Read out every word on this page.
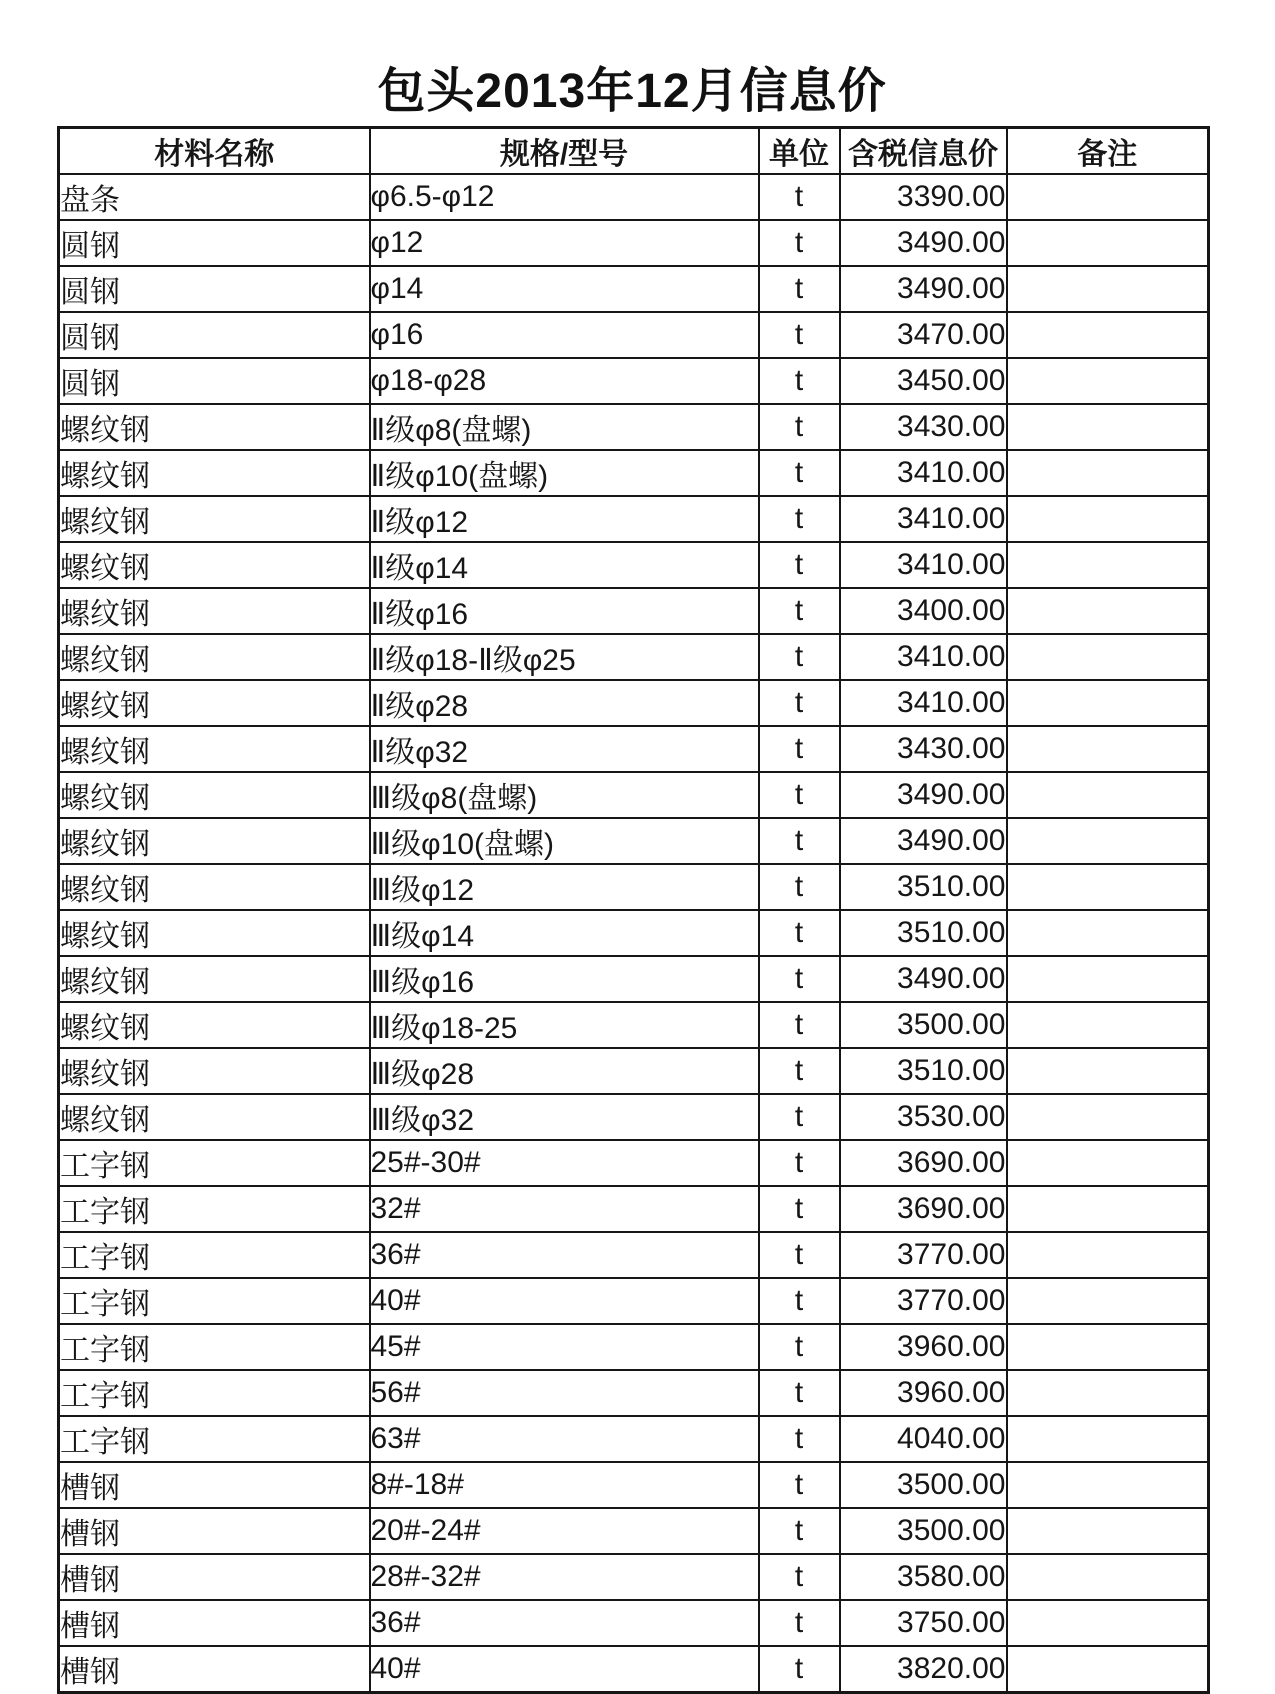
包头2013年12月信息价
材料名称	规格/型号	单位	含税信息价	备注
盘条	φ6.5-φ12	t	3390.00	
圆钢	φ12	t	3490.00	
圆钢	φ14	t	3490.00	
圆钢	φ16	t	3470.00	
圆钢	φ18-φ28	t	3450.00	
螺纹钢	Ⅱ级φ8(盘螺)	t	3430.00	
螺纹钢	Ⅱ级φ10(盘螺)	t	3410.00	
螺纹钢	Ⅱ级φ12	t	3410.00	
螺纹钢	Ⅱ级φ14	t	3410.00	
螺纹钢	Ⅱ级φ16	t	3400.00	
螺纹钢	Ⅱ级φ18-Ⅱ级φ25	t	3410.00	
螺纹钢	Ⅱ级φ28	t	3410.00	
螺纹钢	Ⅱ级φ32	t	3430.00	
螺纹钢	Ⅲ级φ8(盘螺)	t	3490.00	
螺纹钢	Ⅲ级φ10(盘螺)	t	3490.00	
螺纹钢	Ⅲ级φ12	t	3510.00	
螺纹钢	Ⅲ级φ14	t	3510.00	
螺纹钢	Ⅲ级φ16	t	3490.00	
螺纹钢	Ⅲ级φ18-25	t	3500.00	
螺纹钢	Ⅲ级φ28	t	3510.00	
螺纹钢	Ⅲ级φ32	t	3530.00	
工字钢	25#-30#	t	3690.00	
工字钢	32#	t	3690.00	
工字钢	36#	t	3770.00	
工字钢	40#	t	3770.00	
工字钢	45#	t	3960.00	
工字钢	56#	t	3960.00	
工字钢	63#	t	4040.00	
槽钢	8#-18#	t	3500.00	
槽钢	20#-24#	t	3500.00	
槽钢	28#-32#	t	3580.00	
槽钢	36#	t	3750.00	
槽钢	40#	t	3820.00	
